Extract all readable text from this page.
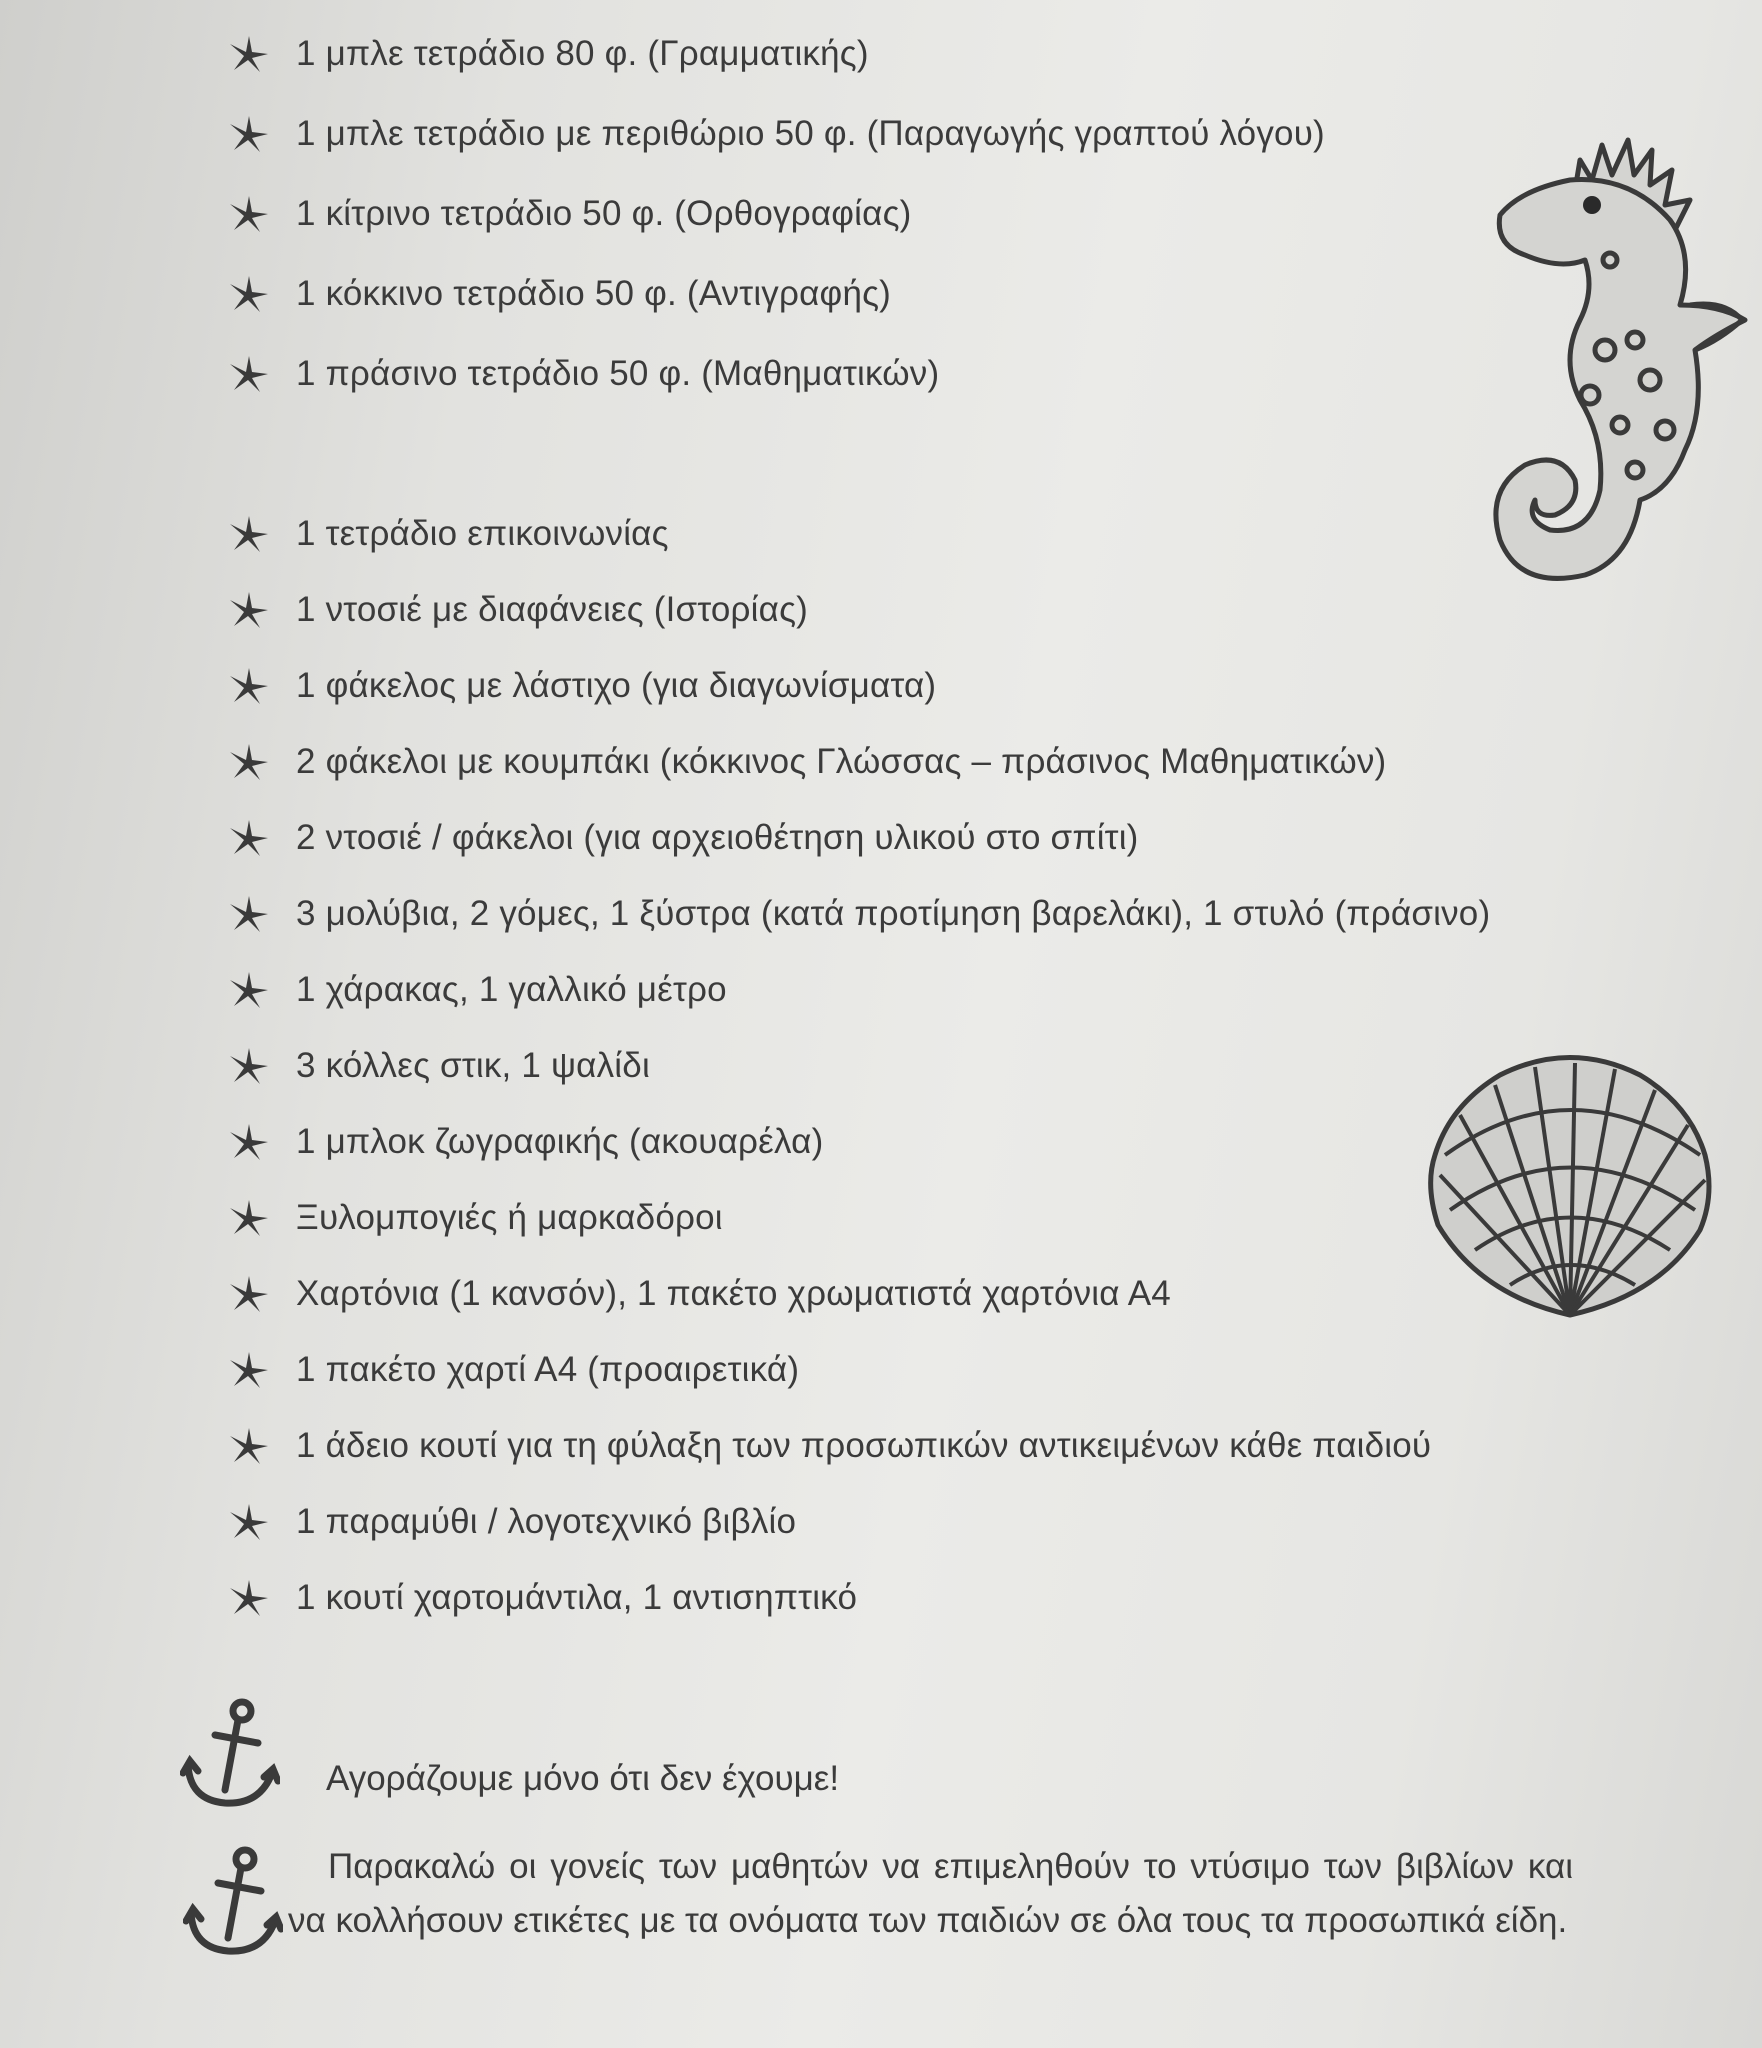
1 μπλε τετράδιο 80 φ. (Γραμματικής)
1 μπλε τετράδιο με περιθώριο 50 φ. (Παραγωγής γραπτού λόγου)
1 κίτρινο τετράδιο 50 φ. (Ορθογραφίας)
1 κόκκινο τετράδιο 50 φ. (Αντιγραφής)
1 πράσινο τετράδιο 50 φ. (Μαθηματικών)
1 τετράδιο επικοινωνίας
1 ντοσιέ με διαφάνειες (Ιστορίας)
1 φάκελος με λάστιχο (για διαγωνίσματα)
2 φάκελοι με κουμπάκι (κόκκινος Γλώσσας – πράσινος Μαθηματικών)
2 ντοσιέ / φάκελοι (για αρχειοθέτηση υλικού στο σπίτι)
3 μολύβια, 2 γόμες, 1 ξύστρα (κατά προτίμηση βαρελάκι), 1 στυλό (πράσινο)
1 χάρακας, 1 γαλλικό μέτρο
3 κόλλες στικ, 1 ψαλίδι
1 μπλοκ ζωγραφικής (ακουαρέλα)
Ξυλομπογιές ή μαρκαδόροι
Χαρτόνια (1 κανσόν), 1 πακέτο χρωματιστά χαρτόνια Α4
1 πακέτο χαρτί Α4 (προαιρετικά)
1 άδειο κουτί για τη φύλαξη των προσωπικών αντικειμένων κάθε παιδιού
1 παραμύθι / λογοτεχνικό βιβλίο
1 κουτί χαρτομάντιλα, 1 αντισηπτικό
Αγοράζουμε μόνο ότι δεν έχουμε!
Παρακαλώ οι γονείς των μαθητών να επιμεληθούν το ντύσιμο των βιβλίων και να κολλήσουν ετικέτες με τα ονόματα των παιδιών σε όλα τους τα προσωπικά είδη.
